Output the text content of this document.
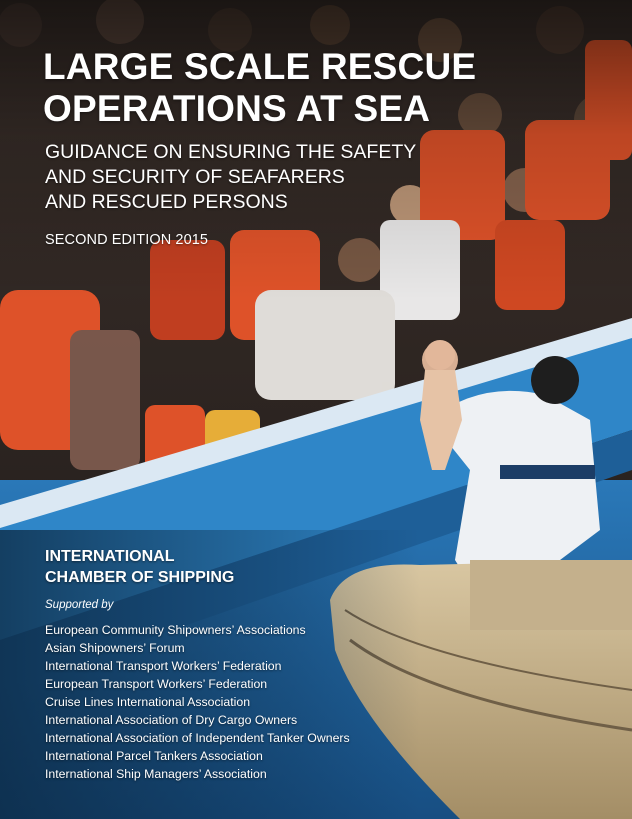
LARGE SCALE RESCUE
OPERATIONS AT SEA
GUIDANCE ON ENSURING THE SAFETY
AND SECURITY OF SEAFARERS
AND RESCUED PERSONS
SECOND EDITION 2015
INTERNATIONAL
CHAMBER OF SHIPPING
Supported by
European Community Shipowners’ Associations
Asian Shipowners’ Forum
International Transport Workers’ Federation
European Transport Workers’ Federation
Cruise Lines International Association
International Association of Dry Cargo Owners
International Association of Independent Tanker Owners
International Parcel Tankers Association
International Ship Managers’ Association
